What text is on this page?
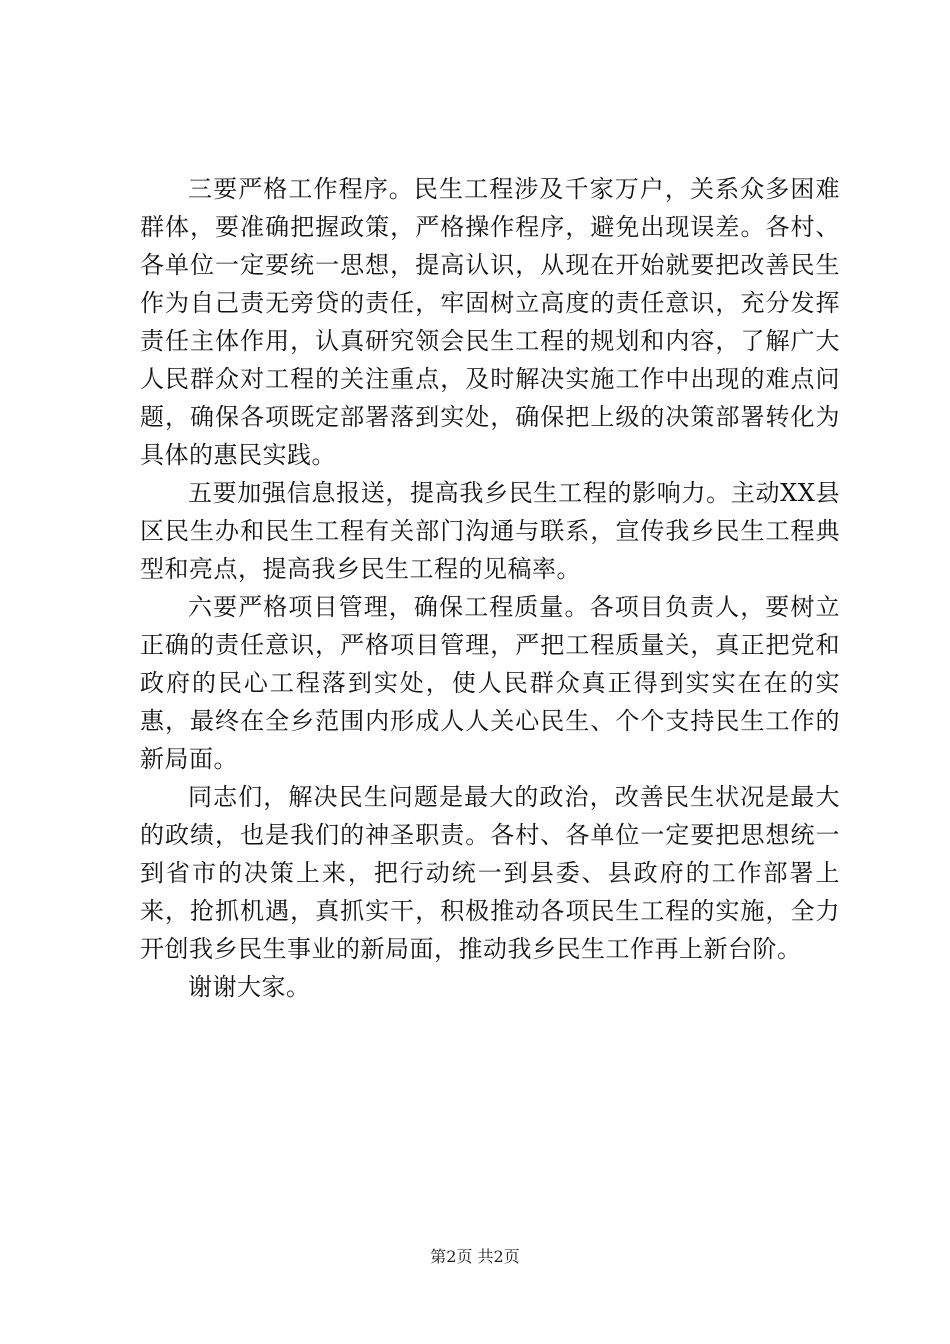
三要严格工作程序。民生工程涉及千家万户，关系众多困难群体，要准确把握政策，严格操作程序，避免出现误差。各村、各单位一定要统一思想，提高认识，从现在开始就要把改善民生作为自己责无旁贷的责任，牢固树立高度的责任意识，充分发挥责任主体作用，认真研究领会民生工程的规划和内容，了解广大人民群众对工程的关注重点，及时解决实施工作中出现的难点问题，确保各项既定部署落到实处，确保把上级的决策部署转化为具体的惠民实践。

五要加强信息报送，提高我乡民生工程的影响力。主动XX县区民生办和民生工程有关部门沟通与联系，宣传我乡民生工程典型和亮点，提高我乡民生工程的见稿率。

六要严格项目管理，确保工程质量。各项目负责人，要树立正确的责任意识，严格项目管理，严把工程质量关，真正把党和政府的民心工程落到实处，使人民群众真正得到实实在在的实惠，最终在全乡范围内形成人人关心民生、个个支持民生工作的新局面。

同志们，解决民生问题是最大的政治，改善民生状况是最大的政绩，也是我们的神圣职责。各村、各单位一定要把思想统一到省市的决策上来，把行动统一到县委、县政府的工作部署上来，抢抓机遇，真抓实干，积极推动各项民生工程的实施，全力开创我乡民生事业的新局面，推动我乡民生工作再上新台阶。

谢谢大家。

第2页 共2页
